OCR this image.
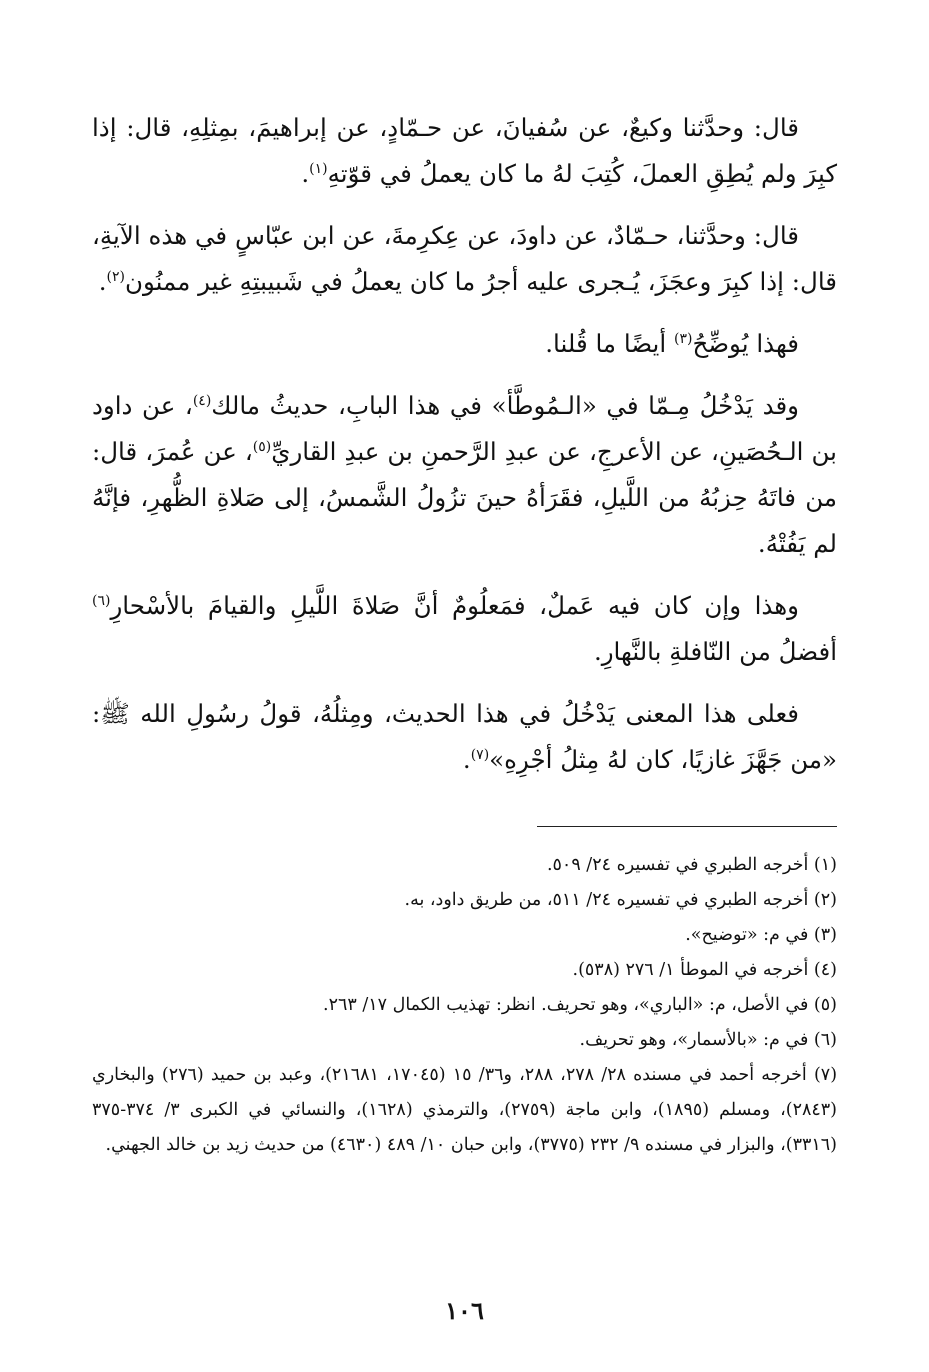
قال: وحدَّثنا وكيعٌ، عن سُفيانَ، عن حـمّادٍ، عن إبراهيمَ، بمِثلِهِ، قال: إذا كبِرَ ولم يُطِقِ العملَ، كُتِبَ لهُ ما كان يعملُ في قوّتهِ$^{(١)}$.

قال: وحدَّثنا، حـمّادٌ، عن داودَ، عن عِكرِمةَ، عن ابن عبّاسٍ في هذه الآيةِ، قال: إذا كبِرَ وعجَزَ، يُـجرى عليه أجرُ ما كان يعملُ في شَبيبتِهِ غير ممنُون$^{(٢)}$.

فهذا يُوضِّحُ$^{(٣)}$ أيضًا ما قُلنا.

وقد يَدْخُلُ مِـمّا في «الـمُوطَّأ» في هذا البابِ، حديثُ مالك$^{(٤)}$، عن داود بن الـحُصَينِ، عن الأعرجِ، عن عبدِ الرَّحمنِ بن عبدِ القاريِّ$^{(٥)}$، عن عُمرَ، قال: من فاتَهُ حِزبُهُ من اللَّيلِ، فقَرَأهُ حينَ تزُولُ الشَّمسُ، إلى صَلاةِ الظُّهرِ، فإنَّهُ لم يَفُتْهُ.

وهذا وإن كان فيه عَملٌ، فمَعلُومٌ أنَّ صَلاةَ اللَّيلِ والقيامَ بالأسْحارِ$^{(٦)}$ أفضلُ من النّافلةِ بالنَّهارِ.

فعلى هذا المعنى يَدْخُلُ في هذا الحديث، ومِثلُهُ، قولُ رسُولِ الله ﷺ: «من جَهَّزَ غازيًا، كان لهُ مِثلُ أجْرِهِ»$^{(٧)}$.

(١) أخرجه الطبري في تفسيره ٢٤/ ٥٠٩.

(٢) أخرجه الطبري في تفسيره ٢٤/ ٥١١، من طريق داود، به.

(٣) في م: «توضيح».

(٤) أخرجه في الموطأ ١/ ٢٧٦ (٥٣٨).

(٥) في الأصل، م: «الباري»، وهو تحريف. انظر: تهذيب الكمال ١٧/ ٢٦٣.

(٦) في م: «بالأسمار»، وهو تحريف.

(٧) أخرجه أحمد في مسنده ٢٨/ ٢٧٨، ٢٨٨، و٣٦/ ١٥ (١٧٠٤٥، ٢١٦٨١)، وعبد بن حميد (٢٧٦) والبخاري (٢٨٤٣)، ومسلم (١٨٩٥)، وابن ماجة (٢٧٥٩)، والترمذي (١٦٢٨)، والنسائي في الكبرى ٣/ ٣٧٤-٣٧٥ (٣٣١٦)، والبزار في مسنده ٩/ ٢٣٢ (٣٧٧٥)، وابن حبان ١٠/ ٤٨٩ (٤٦٣٠) من حديث زيد بن خالد الجهني.

١٠٦
